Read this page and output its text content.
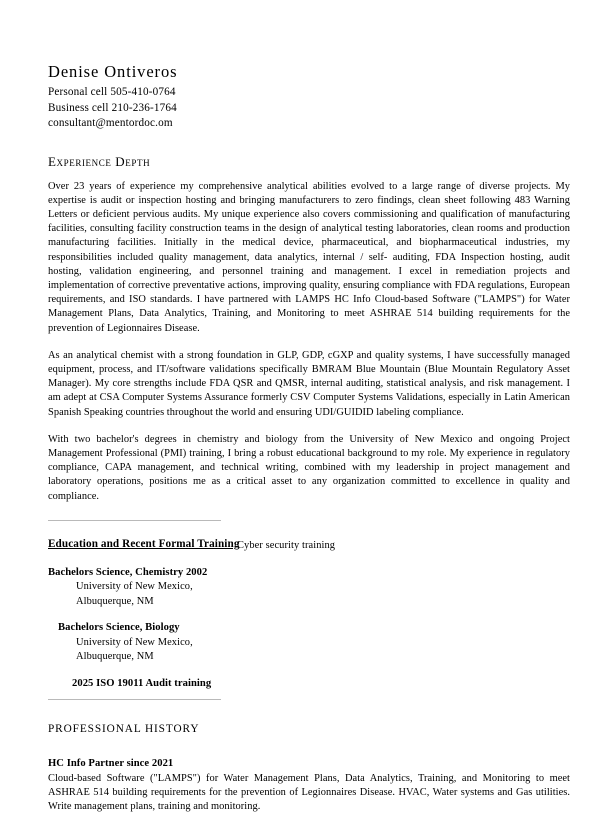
Denise Ontiveros
Personal cell 505-410-0764
Business cell 210-236-1764
consultant@mentordoc.om
Experience Depth

Over 23 years of experience my comprehensive analytical abilities evolved to a large range of diverse projects. My expertise is audit or inspection hosting and bringing manufacturers to zero findings, clean sheet following 483 Warning Letters or deficient pervious audits. My unique experience also covers commissioning and qualification of manufacturing facilities, consulting facility construction teams in the design of analytical testing laboratories, clean rooms and production manufacturing facilities. Initially in the medical device, pharmaceutical, and biopharmaceutical industries, my responsibilities included quality management, data analytics, internal / self- auditing, FDA Inspection hosting, audit hosting, validation engineering, and personnel training and management. I excel in remediation projects and implementation of corrective preventative actions, improving quality, ensuring compliance with FDA regulations, European requirements, and ISO standards. I have partnered with LAMPS HC Info Cloud-based Software ("LAMPS") for Water Management Plans, Data Analytics, Training, and Monitoring to meet ASHRAE 514 building requirements for the prevention of Legionnaires Disease.

As an analytical chemist with a strong foundation in GLP, GDP, cGXP and quality systems, I have successfully managed equipment, process, and IT/software validations specifically BMRAM Blue Mountain (Blue Mountain Regulatory Asset Manager). My core strengths include FDA QSR and QMSR, internal auditing, statistical analysis, and risk management. I am adept at CSA Computer Systems Assurance formerly CSV Computer Systems Validations, especially in Latin American Spanish Speaking countries throughout the world and ensuring UDI/GUIDID labeling compliance.

With two bachelor's degrees in chemistry and biology from the University of New Mexico and ongoing Project Management Professional (PMI) training, I bring a robust educational background to my role. My experience in regulatory compliance, CAPA management, and technical writing, combined with my leadership in project management and laboratory operations, positions me as a critical asset to any organization committed to excellence in quality and compliance.

Education and Recent Formal Training
Bachelors Science, Chemistry 2002
University of New Mexico,
Albuquerque, NM
Bachelors Science, Biology
University of New Mexico,
Albuquerque, NM
2025 ISO 19011 Audit training
PROFESSIONAL HISTORY
HC Info Partner since 2021

Cloud-based Software ("LAMPS") for Water Management Plans, Data Analytics, Training, and Monitoring to meet ASHRAE 514 building requirements for the prevention of Legionnaires Disease. HVAC, Water systems and Gas utilities. Write management plans, training and monitoring.

Cyber security training
